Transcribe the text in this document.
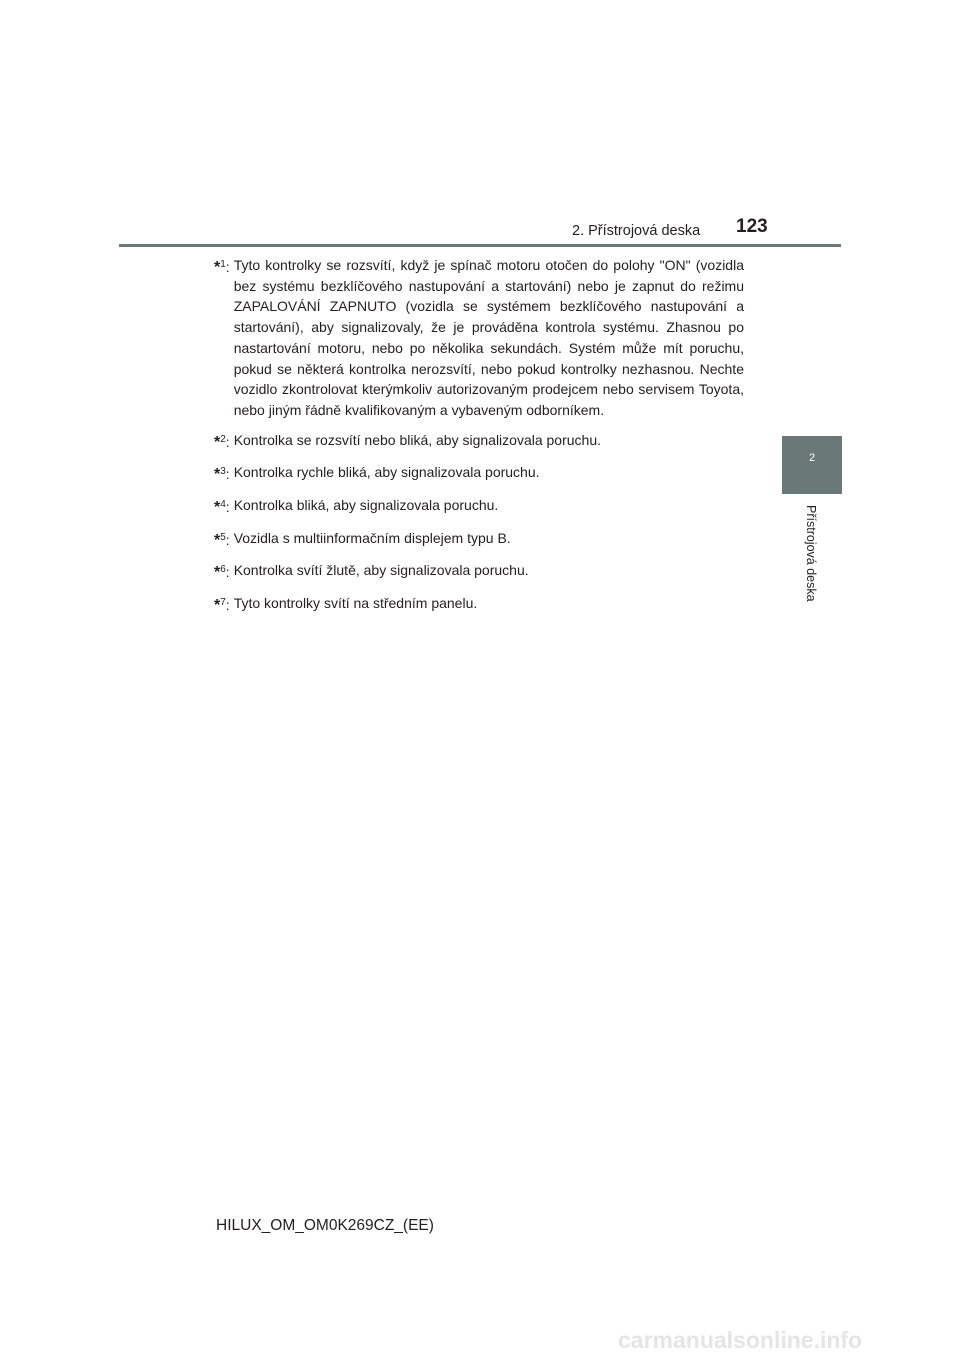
2. Přístrojová deska 123
2
Přístrojová deska
*$^1$: Tyto kontrolky se rozsvítí, když je spínač motoru otočen do polohy "ON" (vozidla bez systému bezklíčového nastupování a startování) nebo je zapnut do režimu ZAPALOVÁNÍ ZAPNUTO (vozidla se systémem bezklíčového nastupování a startování), aby signalizovaly, že je prováděna kontrola systému. Zhasnou po nastartování motoru, nebo po několika sekundách. Systém může mít poruchu, pokud se některá kontrolka nerozsvítí, nebo pokud kontrolky nezhasnou. Nechte vozidlo zkontrolovat kterýmkoliv autorizovaným prodejcem nebo servisem Toyota, nebo jiným řádně kvalifikovaným a vybaveným odborníkem.
*$^2$: Kontrolka se rozsvítí nebo bliká, aby signalizovala poruchu.
*$^3$: Kontrolka rychle bliká, aby signalizovala poruchu.
*$^4$: Kontrolka bliká, aby signalizovala poruchu.
*$^5$: Vozidla s multiinformačním displejem typu B.
*$^6$: Kontrolka svítí žlutě, aby signalizovala poruchu.
*$^7$: Tyto kontrolky svítí na středním panelu.
HILUX_OM_OM0K269CZ_(EE)
carmanualsonline.info
